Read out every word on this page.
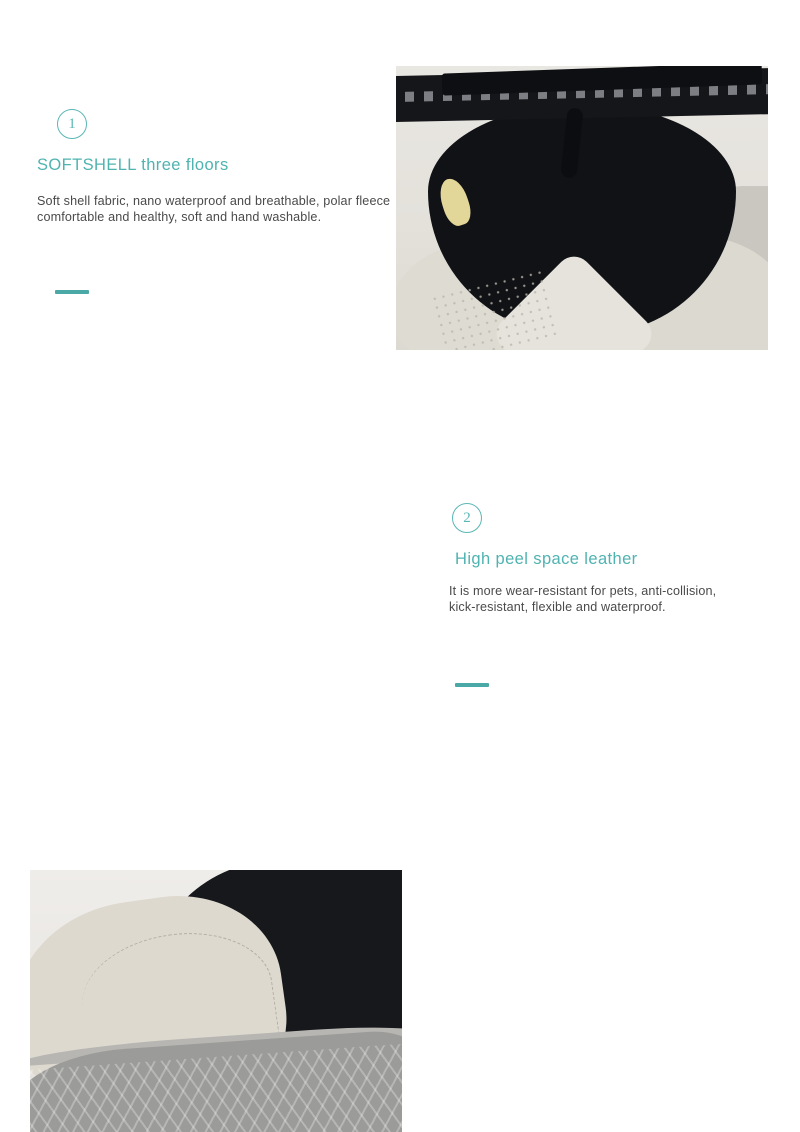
1
SOFTSHELL three floors
Soft shell fabric, nano waterproof and breathable, polar fleece comfortable and healthy, soft and hand washable.
2
High peel space leather
It is more wear-resistant for pets, anti-collision, kick-resistant, flexible and waterproof.
